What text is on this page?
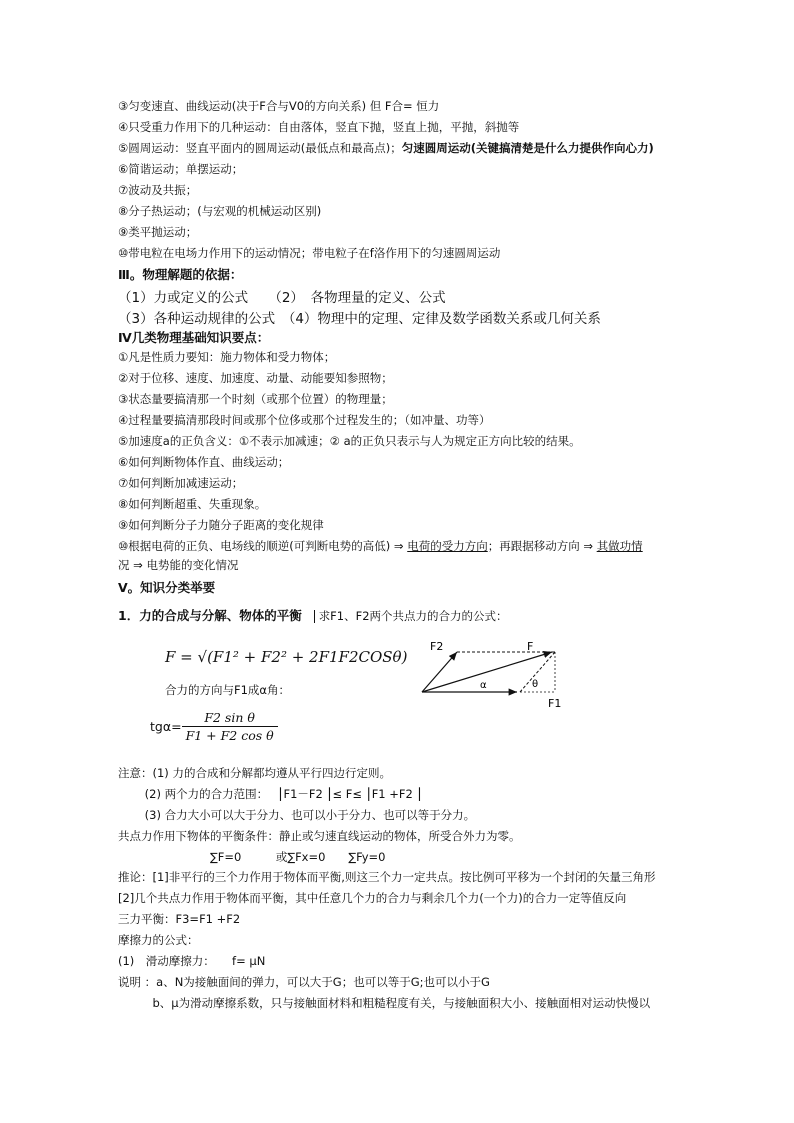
③匀变速直、曲线运动(决于F合与V0的方向关系) 但 F合= 恒力
④只受重力作用下的几种运动：自由落体，竖直下抛，竖直上抛，平抛，斜抛等
⑤圆周运动：竖直平面内的圆周运动(最低点和最高点)；匀速圆周运动(关键搞清楚是什么力提供作向心力)
⑥简谐运动；单摆运动；
⑦波动及共振；
⑧分子热运动；(与宏观的机械运动区别)
⑨类平抛运动；
⑩带电粒在电场力作用下的运动情况；带电粒子在f洛作用下的匀速圆周运动
Ⅲ。物理解题的依据：
（1）力或定义的公式　　（2）　各物理量的定义、公式
（3）各种运动规律的公式　（4）物理中的定理、定律及数学函数关系或几何关系
Ⅳ几类物理基础知识要点：
①凡是性质力要知：施力物体和受力物体；
②对于位移、速度、加速度、动量、动能要知参照物；
③状态量要搞清那一个时刻（或那个位置）的物理量；
④过程量要搞清那段时间或那个位侈或那个过程发生的；（如冲量、功等）
⑤加速度a的正负含义：①不表示加减速；② a的正负只表示与人为规定正方向比较的结果。
⑥如何判断物体作直、曲线运动；
⑦如何判断加减速运动；
⑧如何判断超重、失重现象。
⑨如何判断分子力随分子距离的变化规律
⑩根据电荷的正负、电场线的顺逆(可判断电势的高低) ⇒ 电荷的受力方向；再跟据移动方向 ⇒ 其做功情
况 ⇒ 电势能的变化情况
V。知识分类举要
1．力的合成与分解、物体的平衡 求F1、F2两个共点力的合力的公式：
F = √(F1² + F2² + 2F1F2COSθ)
合力的方向与F1成α角：
$tg\alpha= \frac{\text{F2 sin θ}}{\text{F1 + F2 cos θ}}$
F2	F
α	θ
F1
注意：(1) 力的合成和分解都均遵从平行四边行定则。
　　 (2) 两个力的合力范围：　 ⎮F1－F2 ⎮≤ F≤ ⎮F1 +F2 ⎮
　　 (3) 合力大小可以大于分力、也可以小于分力、也可以等于分力。
共点力作用下物体的平衡条件：静止或匀速直线运动的物体，所受合外力为零。
　　　　　　　　∑F=0　　　或∑Fx=0　　∑Fy=0
推论：[1]非平行的三个力作用于物体而平衡,则这三个力一定共点。按比例可平移为一个封闭的矢量三角形
[2]几个共点力作用于物体而平衡，其中任意几个力的合力与剩余几个力(一个力)的合力一定等值反向
三力平衡：F3=F1 +F2
摩擦力的公式：
(1)　滑动摩擦力：　　f= μN
说明 ：a、N为接触面间的弹力，可以大于G；也可以等于G;也可以小于G
　　　b、μ为滑动摩擦系数，只与接触面材料和粗糙程度有关，与接触面积大小、接触面相对运动快慢以
